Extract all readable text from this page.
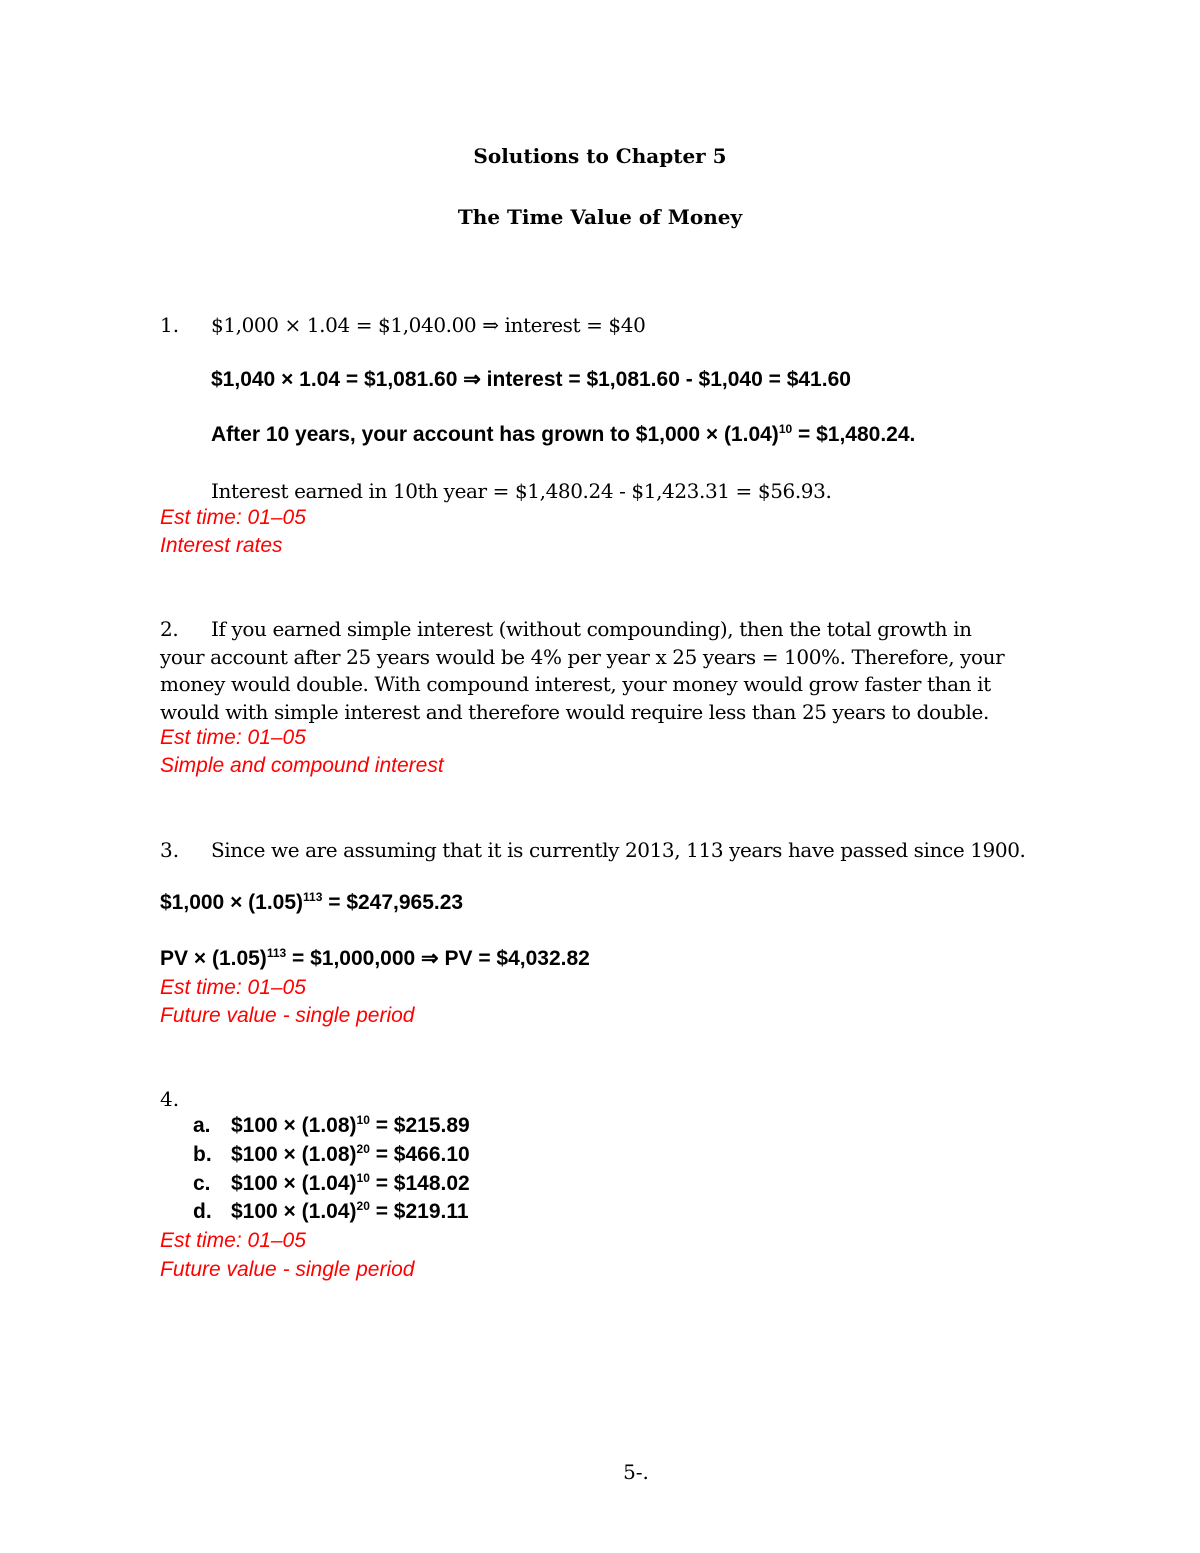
Solutions to Chapter 5
The Time Value of Money
1. $1,000 × 1.04 = $1,040.00 ⇒ interest = $40
$1,040 × 1.04 = $1,081.60 ⇒ interest = $1,081.60 - $1,040 = $41.60
After 10 years, your account has grown to $1,000 × $(1.04)^{10}$ = $1,480.24.
Interest earned in 10th year = $1,480.24 - $1,423.31 = $56.93.
Est time: 01–05
Interest rates
2. If you earned simple interest (without compounding), then the total growth in your account after 25 years would be 4% per year x 25 years = 100%. Therefore, your money would double. With compound interest, your money would grow faster than it would with simple interest and therefore would require less than 25 years to double.
Est time: 01–05
Simple and compound interest
3. Since we are assuming that it is currently 2013, 113 years have passed since 1900.
$1,000 × $(1.05)^{113}$ = $247,965.23
PV × $(1.05)^{113}$ = $1,000,000 ⇒ PV = $4,032.82
Est time: 01–05
Future value - single period
4.
a. $100 × $(1.08)^{10}$ = $215.89
b. $100 × $(1.08)^{20}$ = $466.10
c. $100 × $(1.04)^{10}$ = $148.02
d. $100 × $(1.04)^{20}$ = $219.11
Est time: 01–05
Future value - single period
5-.
